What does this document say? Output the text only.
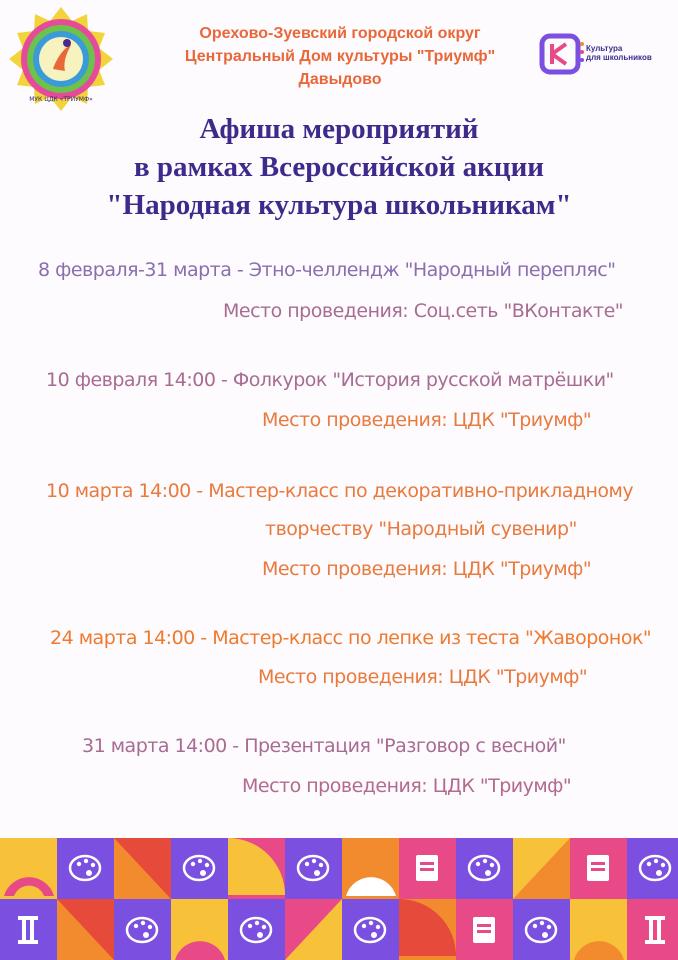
МУК ЦДК «ТРИУМФ»
Орехово-Зуевский городской округ
Центральный Дом культуры "Триумф"
Давыдово
Культура
для школьников
Афиша мероприятий
в рамках Всероссийской акции
"Народная культура школьникам"
8 февраля-31 марта - Этно-челлендж "Народный перепляс"
Место проведения: Соц.сеть "ВКонтакте"
10 февраля 14:00 - Фолкурок "История русской матрёшки"
Место проведения: ЦДК "Триумф"
10 марта 14:00 - Мастер-класс по декоративно-прикладному
творчеству "Народный сувенир"
Место проведения: ЦДК "Триумф"
24 марта 14:00 - Мастер-класс по лепке из теста "Жаворонок"
Место проведения: ЦДК "Триумф"
31 марта 14:00 - Презентация "Разговор с весной"
Место проведения: ЦДК "Триумф"
